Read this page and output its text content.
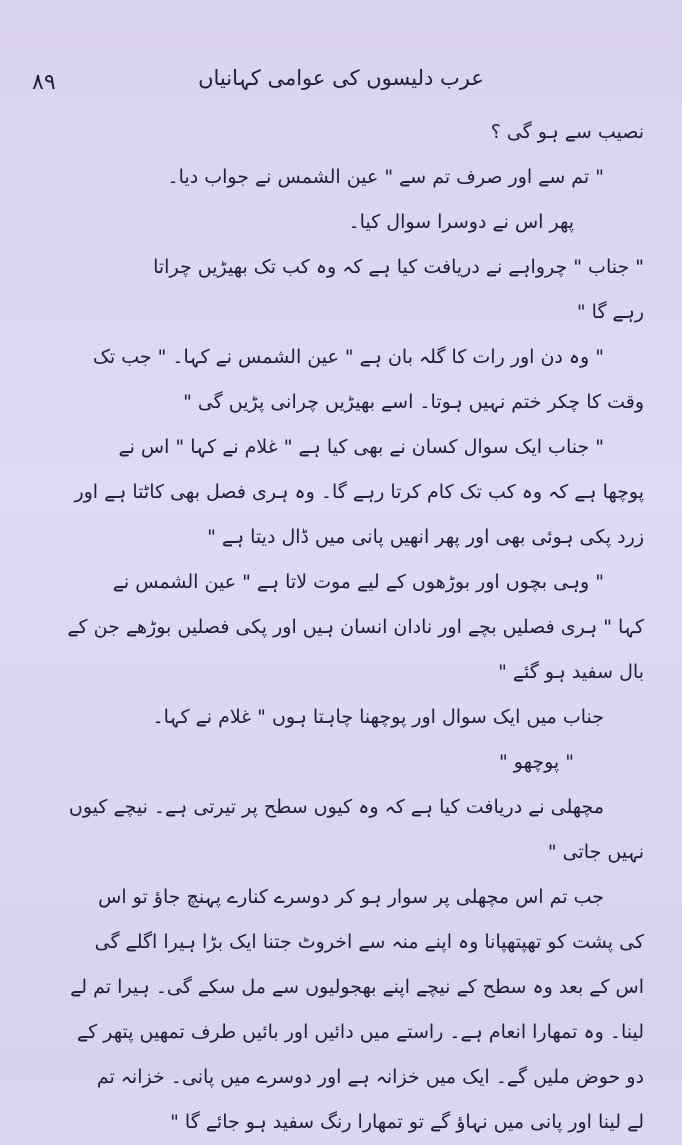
۸۹	عرب دلیسوں کی عوامی کہانیاں
نصیب سے ہو گی ؟
" تم سے اور صرف تم سے " عین الشمس نے جواب دیا۔
پھر اس نے دوسرا سوال کیا۔
" جناب " چرواہے نے دریافت کیا ہے کہ وہ کب تک بھیڑیں چراتا
رہے گا "
" وہ دن اور رات کا گلہ بان ہے " عین الشمس نے کہا۔ " جب تک
وقت کا چکر ختم نہیں ہوتا۔ اسے بھیڑیں چرانی پڑیں گی "
" جناب ایک سوال کسان نے بھی کیا ہے " غلام نے کہا " اس نے
پوچھا ہے کہ وہ کب تک کام کرتا رہے گا۔ وہ ہری فصل بھی کاٹتا ہے اور
زرد پکی ہوئی بھی اور پھر انھیں پانی میں ڈال دیتا ہے "
" وہی بچوں اور بوڑھوں کے لیے موت لاتا ہے " عین الشمس نے
کہا " ہری فصلیں بچے اور نادان انسان ہیں اور پکی فصلیں بوڑھے جن کے
بال سفید ہو گئے "
جناب میں ایک سوال اور پوچھنا چاہتا ہوں " غلام نے کہا۔
" پوچھو "
مچھلی نے دریافت کیا ہے کہ وہ کیوں سطح پر تیرتی ہے۔ نیچے کیوں
نہیں جاتی "
جب تم اس مچھلی پر سوار ہو کر دوسرے کنارے پہنچ جاؤ تو اس
کی پشت کو تھپتھپانا وہ اپنے منہ سے اخروٹ جتنا ایک بڑا ہیرا اگلے گی
اس کے بعد وہ سطح کے نیچے اپنے بھجولیوں سے مل سکے گی۔ ہیرا تم لے
لینا۔ وہ تمھارا انعام ہے۔ راستے میں دائیں اور بائیں طرف تمھیں پتھر کے
دو حوض ملیں گے۔ ایک میں خزانہ ہے اور دوسرے میں پانی۔ خزانہ تم
لے لینا اور پانی میں نہاؤ گے تو تمھارا رنگ سفید ہو جائے گا "
